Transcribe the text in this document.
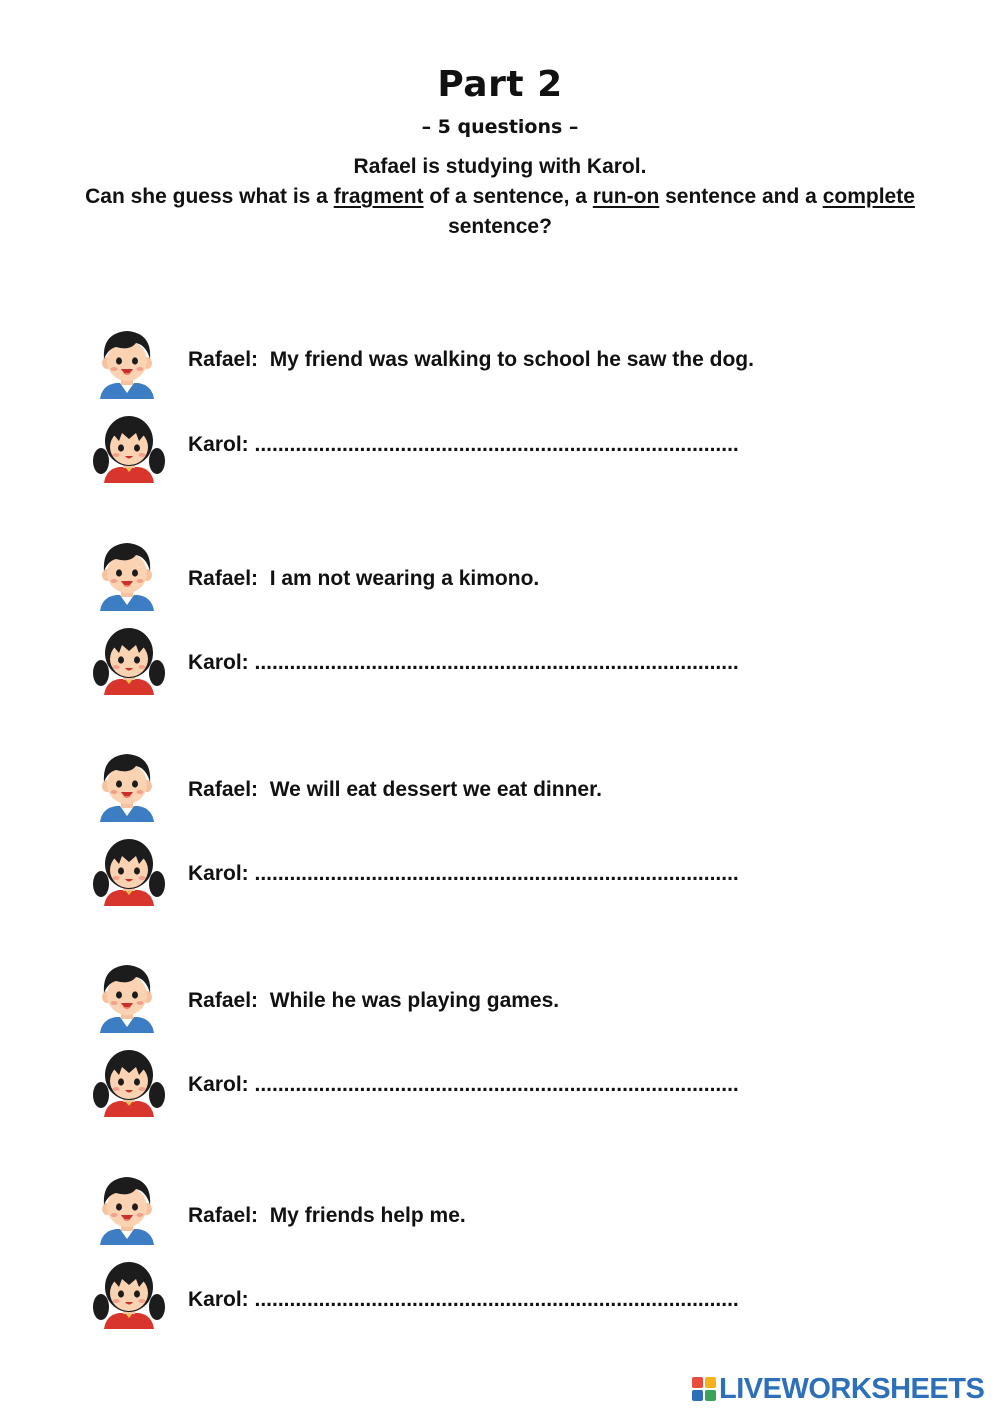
Part 2
– 5 questions –
Rafael is studying with Karol.
Can she guess what is a fragment of a sentence, a run-on sentence and a complete sentence?
Rafael:  My friend was walking to school he saw the dog.
Karol: ...................................................................................
Rafael:  I am not wearing a kimono.
Karol: ...................................................................................
Rafael:  We will eat dessert we eat dinner.
Karol: ...................................................................................
Rafael:  While he was playing games.
Karol: ...................................................................................
Rafael:  My friends help me.
Karol: ...................................................................................
LIVEWORKSHEETS
